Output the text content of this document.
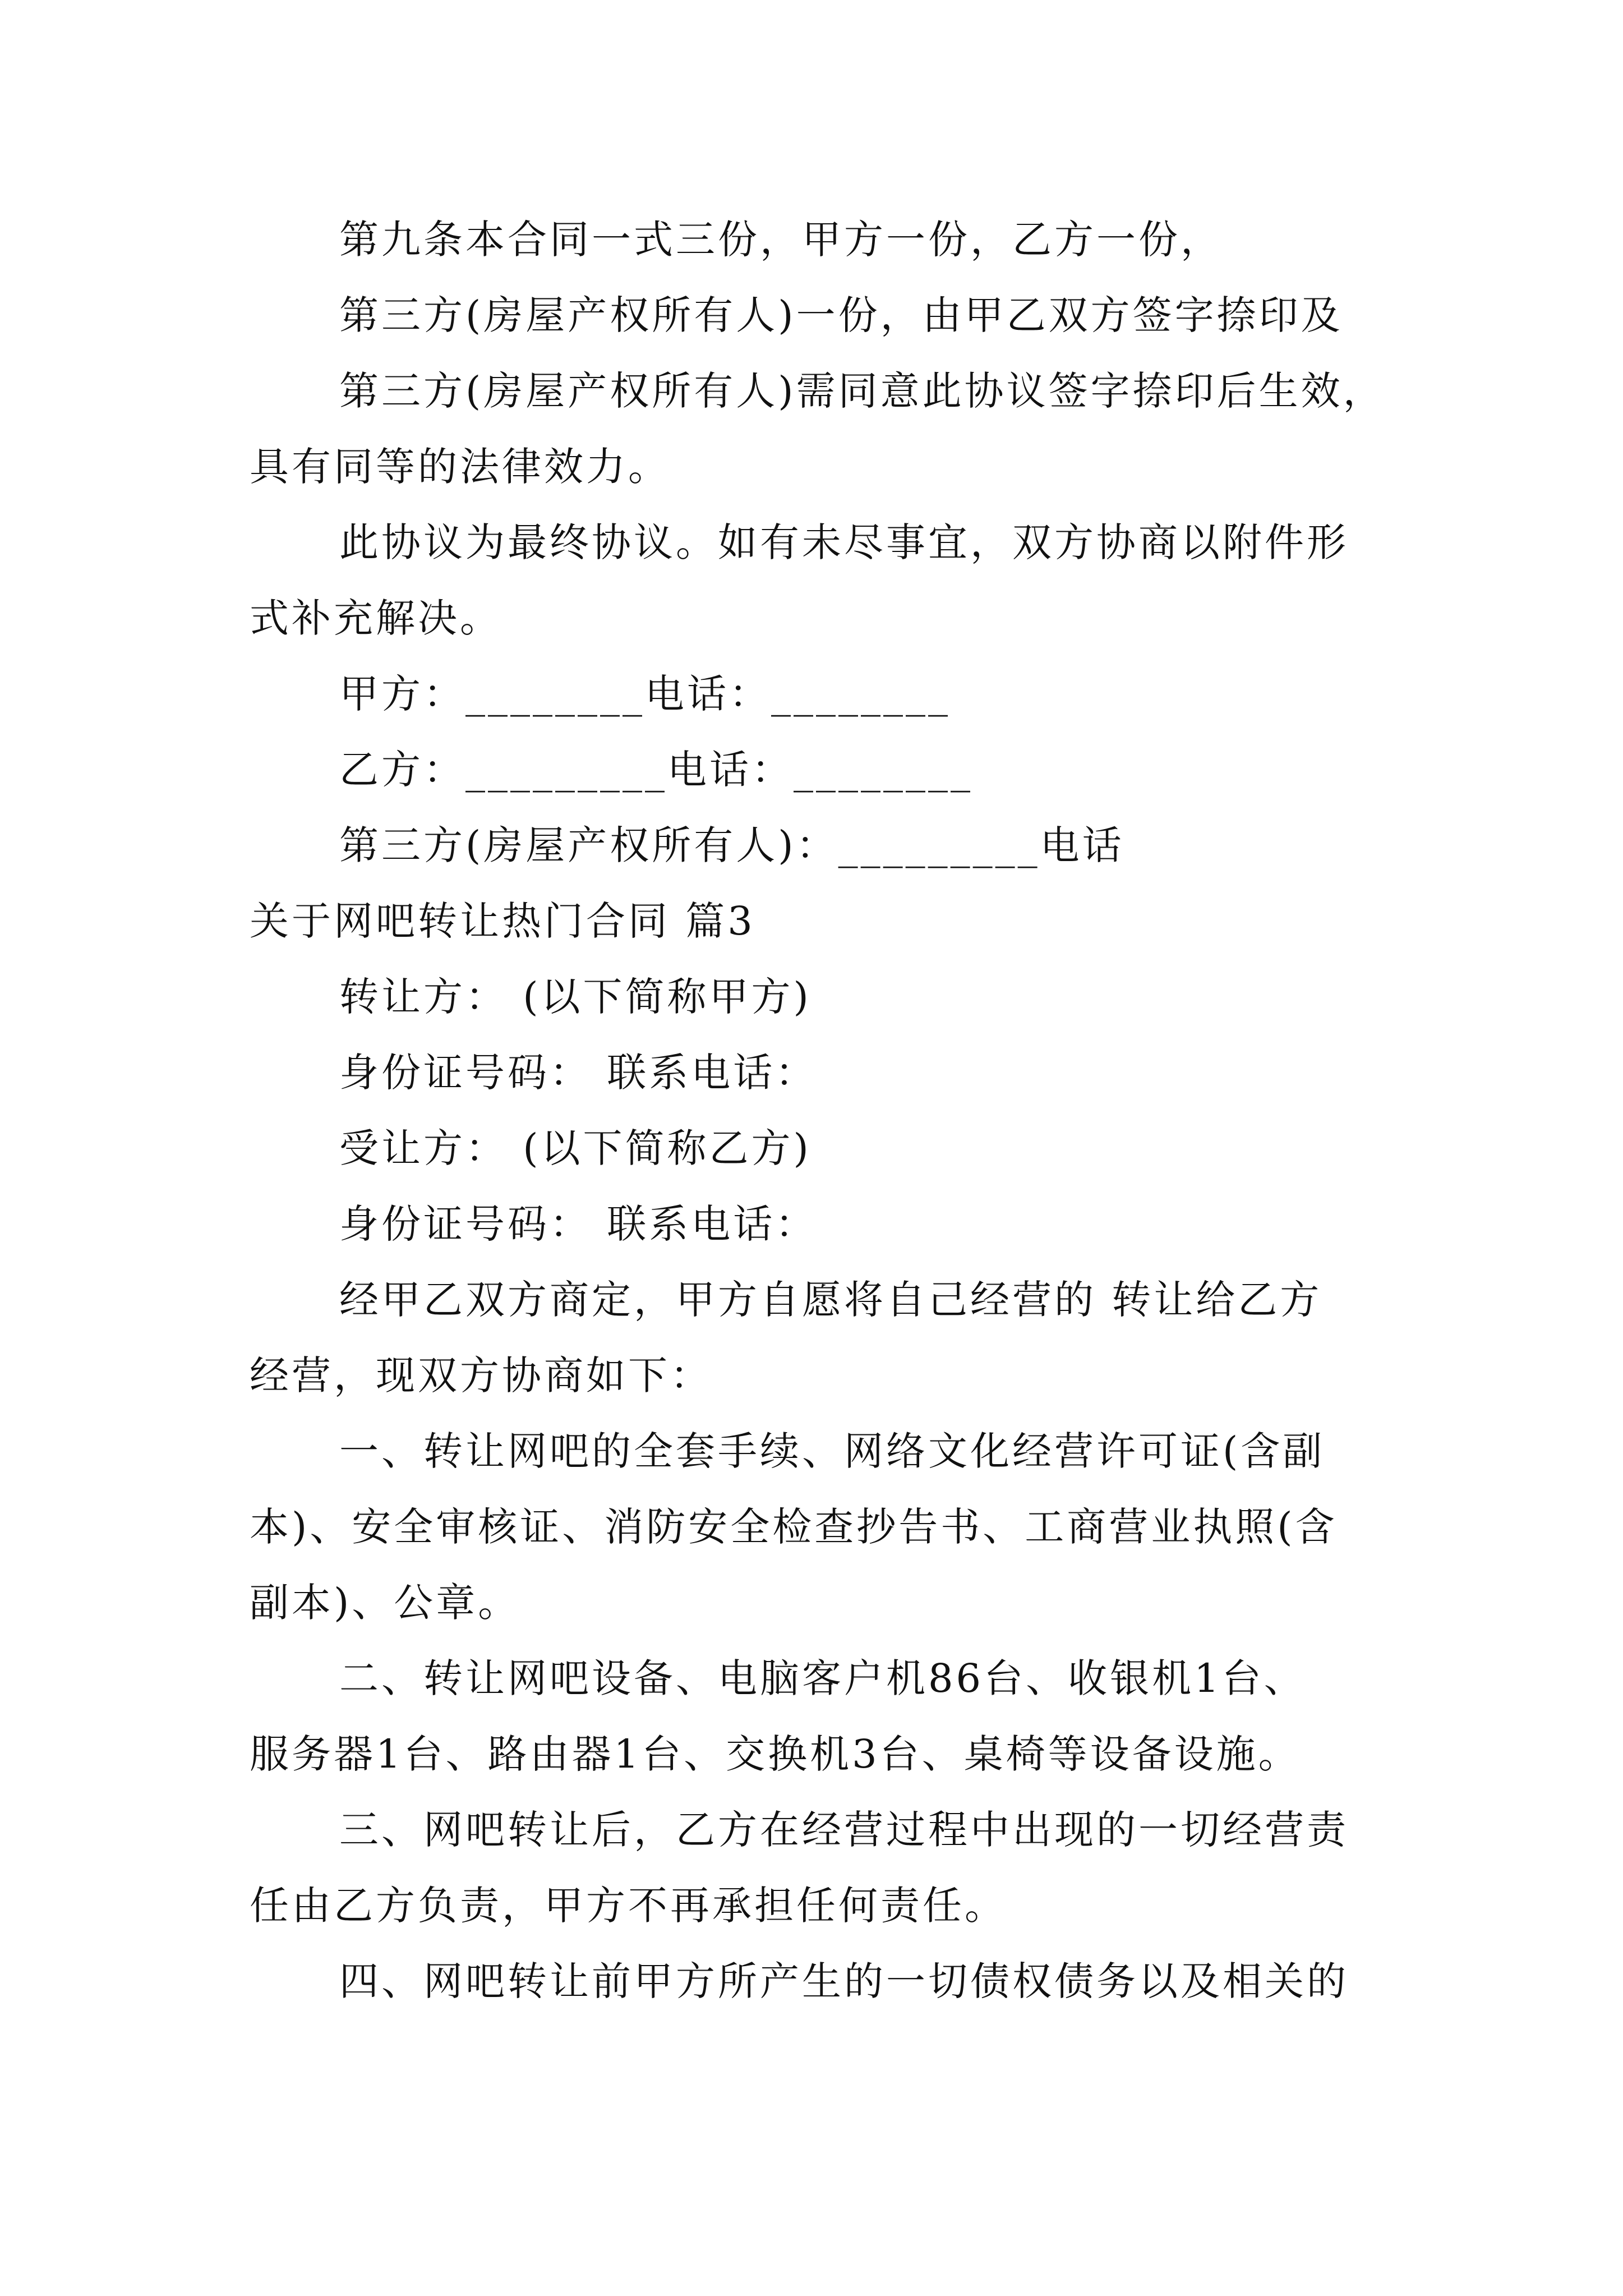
第九条本合同一式三份，甲方一份，乙方一份，
第三方(房屋产权所有人)一份，由甲乙双方签字捺印及
第三方(房屋产权所有人)需同意此协议签字捺印后生效，
具有同等的法律效力。
此协议为最终协议。如有未尽事宜，双方协商以附件形
式补充解决。
甲方：________电话：________
乙方：_________电话：________
第三方(房屋产权所有人)：_________电话
关于网吧转让热门合同 篇3
转让方： (以下简称甲方)
身份证号码： 联系电话：
受让方： (以下简称乙方)
身份证号码： 联系电话：
经甲乙双方商定，甲方自愿将自己经营的 转让给乙方
经营，现双方协商如下：
一、转让网吧的全套手续、网络文化经营许可证(含副
本)、安全审核证、消防安全检查抄告书、工商营业执照(含
副本)、公章。
二、转让网吧设备、电脑客户机86台、收银机1台、
服务器1台、路由器1台、交换机3台、桌椅等设备设施。
三、网吧转让后，乙方在经营过程中出现的一切经营责
任由乙方负责，甲方不再承担任何责任。
四、网吧转让前甲方所产生的一切债权债务以及相关的
